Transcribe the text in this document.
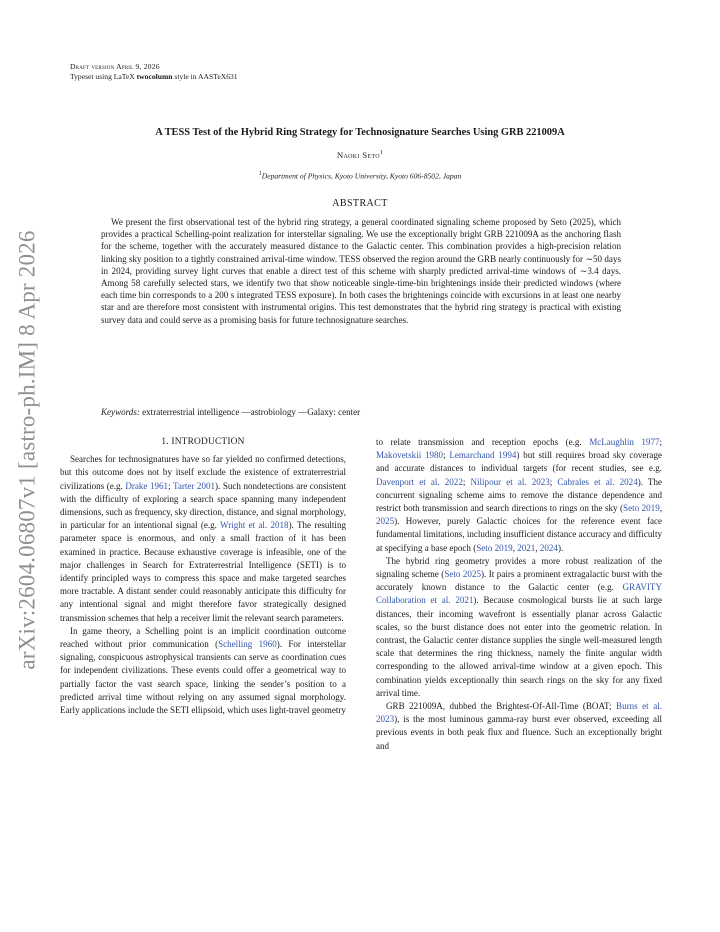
Draft version April 9, 2026
Typeset using LaTeX twocolumn style in AASTeX631
arXiv:2604.06807v1 [astro-ph.IM] 8 Apr 2026
A TESS Test of the Hybrid Ring Strategy for Technosignature Searches Using GRB 221009A
Naoki Seto$^1$
$^1$Department of Physics, Kyoto University, Kyoto 606-8502, Japan
ABSTRACT
We present the first observational test of the hybrid ring strategy, a general coordinated signaling scheme proposed by Seto (2025), which provides a practical Schelling-point realization for interstellar signaling. We use the exceptionally bright GRB 221009A as the anchoring flash for the scheme, together with the accurately measured distance to the Galactic center. This combination provides a high-precision relation linking sky position to a tightly constrained arrival-time window. TESS observed the region around the GRB nearly continuously for ∼50 days in 2024, providing survey light curves that enable a direct test of this scheme with sharply predicted arrival-time windows of ∼3.4 days. Among 58 carefully selected stars, we identify two that show noticeable single-time-bin brightenings inside their predicted windows (where each time bin corresponds to a 200 s integrated TESS exposure). In both cases the brightenings coincide with excursions in at least one nearby star and are therefore most consistent with instrumental origins. This test demonstrates that the hybrid ring strategy is practical with existing survey data and could serve as a promising basis for future technosignature searches.
Keywords: extraterrestrial intelligence —astrobiology —Galaxy: center
1. INTRODUCTION

Searches for technosignatures have so far yielded no confirmed detections, but this outcome does not by itself exclude the existence of extraterrestrial civilizations (e.g. Drake 1961; Tarter 2001). Such nondetections are consistent with the difficulty of exploring a search space spanning many independent dimensions, such as frequency, sky direction, distance, and signal morphology, in particular for an intentional signal (e.g. Wright et al. 2018). The resulting parameter space is enormous, and only a small fraction of it has been examined in practice. Because exhaustive coverage is infeasible, one of the major challenges in Search for Extraterrestrial Intelligence (SETI) is to identify principled ways to compress this space and make targeted searches more tractable. A distant sender could reasonably anticipate this difficulty for any intentional signal and might therefore favor strategically designed transmission schemes that help a receiver limit the relevant search parameters.

In game theory, a Schelling point is an implicit coordination outcome reached without prior communication (Schelling 1960). For interstellar signaling, conspicuous astrophysical transients can serve as coordination cues for independent civilizations. These events could offer a geometrical way to partially factor the vast search space, linking the sender’s position to a predicted arrival time without relying on any assumed signal morphology. Early applications include the SETI ellipsoid, which uses light-travel geometry

to relate transmission and reception epochs (e.g. McLaughlin 1977; Makovetskii 1980; Lemarchand 1994) but still requires broad sky coverage and accurate distances to individual targets (for recent studies, see e.g. Davenport et al. 2022; Nilipour et al. 2023; Cabrales et al. 2024). The concurrent signaling scheme aims to remove the distance dependence and restrict both transmission and search directions to rings on the sky (Seto 2019, 2025). However, purely Galactic choices for the reference event face fundamental limitations, including insufficient distance accuracy and difficulty at specifying a base epoch (Seto 2019, 2021, 2024).

The hybrid ring geometry provides a more robust realization of the signaling scheme (Seto 2025). It pairs a prominent extragalactic burst with the accurately known distance to the Galactic center (e.g. GRAVITY Collaboration et al. 2021). Because cosmological bursts lie at such large distances, their incoming wavefront is essentially planar across Galactic scales, so the burst distance does not enter into the geometric relation. In contrast, the Galactic center distance supplies the single well-measured length scale that determines the ring thickness, namely the finite angular width corresponding to the allowed arrival-time window at a given epoch. This combination yields exceptionally thin search rings on the sky for any fixed arrival time.

GRB 221009A, dubbed the Brightest-Of-All-Time (BOAT; Burns et al. 2023), is the most luminous gamma-ray burst ever observed, exceeding all previous events in both peak flux and fluence. Such an exceptionally bright and
